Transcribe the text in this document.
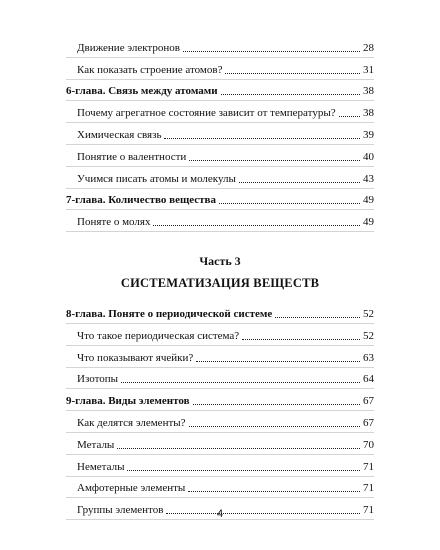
Движение электронов	28
Как показать строение атомов?	31
6-глава. Связь между атомами	38
Почему агрегатное состояние зависит от температуры? 38
Химическая связь	39
Понятие о валентности	40
Учимся писать атомы и молекулы	43
7-глава. Количество вещества	49
Поняте о молях	49
Часть 3
СИСТЕМАТИЗАЦИЯ ВЕЩЕСТВ
8-глава. Поняте о периодической системе	52
Что такое периодическая система?	52
Что показывают ячейки?	63
Изотопы	64
9-глава. Виды элементов	67
Как делятся элементы?	67
Металы	70
Неметалы	71
Амфотерные элементы	71
Группы элементов	71
4
